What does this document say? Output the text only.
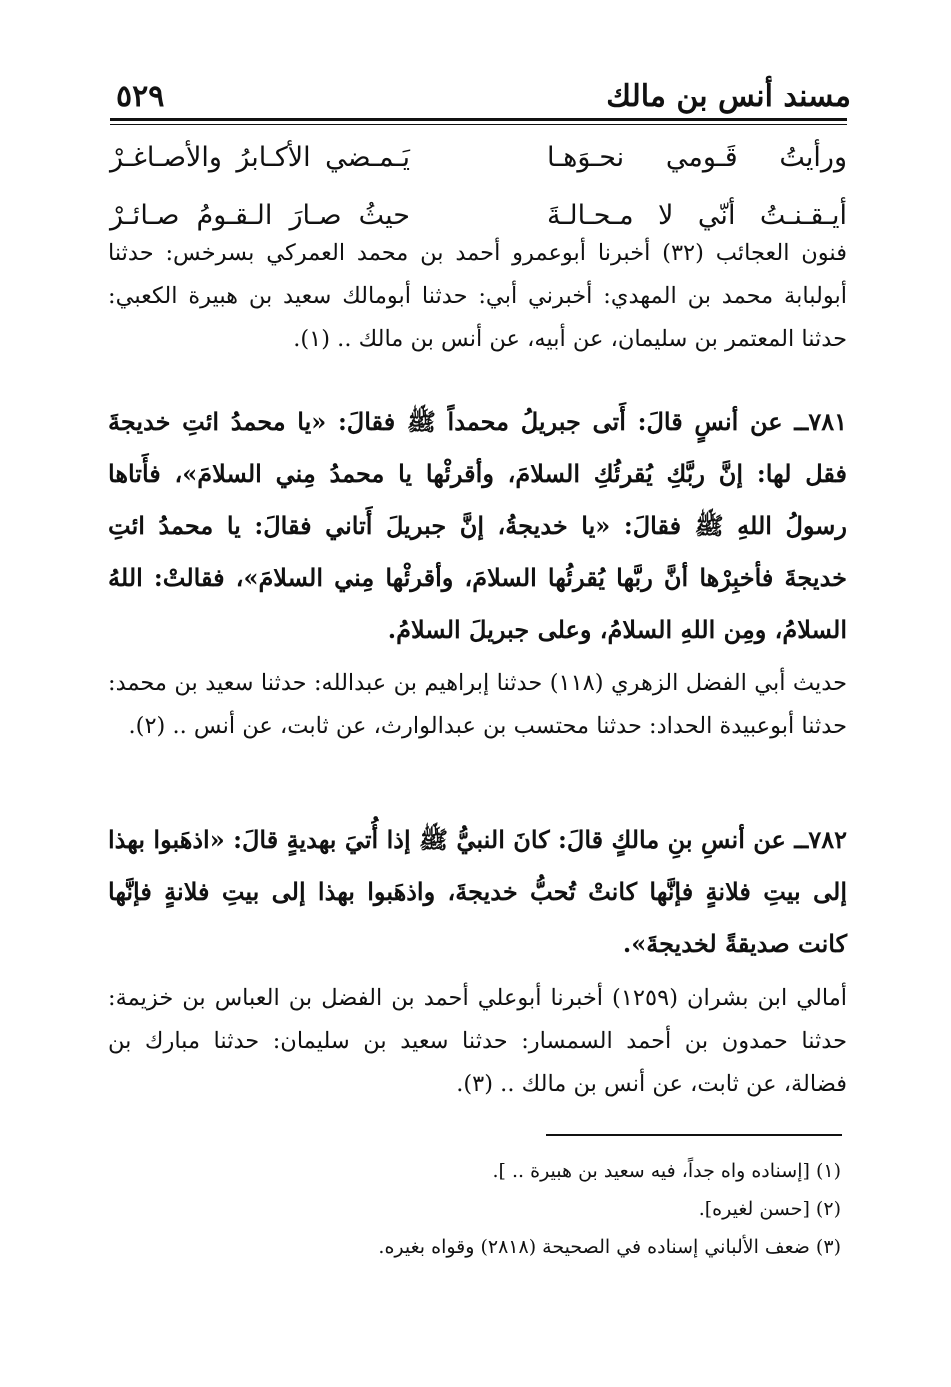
مسند أنس بن مالك
٥٢٩
ورأيتُ قَـومي نحـوَهـا
يَـمـضي الأكـابرُ والأصـاغـرْ
أيـقـنـتُ أنّي لا مـحـالـةَ
حيثُ صـارَ الـقـومُ صـائـرْ

فنون العجائب (٣٢) أخبرنا أبوعمرو أحمد بن محمد العمركي بسرخس: حدثنا أبولبابة محمد بن المهدي: أخبرني أبي: حدثنا أبومالك سعيد بن هبيرة الكعبي: حدثنا المعتمر بن سليمان، عن أبيه، عن أنس بن مالك .. (١).

٧٨١ــ عن أنسٍ قالَ: أَتى جبريلُ محمداً ﷺ فقالَ: «يا محمدُ ائتِ خديجةَ فقل لها: إنَّ ربَّكِ يُقرئُكِ السلامَ، وأقرئْها يا محمدُ مِني السلامَ»، فأَتاها رسولُ اللهِ ﷺ فقالَ: «يا خديجةُ، إنَّ جبريلَ أَتاني فقالَ: يا محمدُ ائتِ خديجةَ فأخبِرْها أنَّ ربَّها يُقرئُها السلامَ، وأقرئْها مِني السلامَ»، فقالتْ: اللهُ السلامُ، ومِن اللهِ السلامُ، وعلى جبريلَ السلامُ.

حديث أبي الفضل الزهري (١١٨) حدثنا إبراهيم بن عبدالله: حدثنا سعيد بن محمد: حدثنا أبوعبيدة الحداد: حدثنا محتسب بن عبدالوارث، عن ثابت، عن أنس .. (٢).

٧٨٢ــ عن أنسِ بنِ مالكٍ قالَ: كانَ النبيُّ ﷺ إذا أُتيَ بهديةٍ قالَ: «اذهَبوا بهذا إلى بيتِ فلانةٍ فإنَّها كانتْ تُحبُّ خديجةَ، واذهَبوا بهذا إلى بيتِ فلانةٍ فإنَّها كانت صديقةً لخديجةَ».

أمالي ابن بشران (١٢٥٩) أخبرنا أبوعلي أحمد بن الفضل بن العباس بن خزيمة: حدثنا حمدون بن أحمد السمسار: حدثنا سعيد بن سليمان: حدثنا مبارك بن فضالة، عن ثابت، عن أنس بن مالك .. (٣).

(١) [إسناده واه جداً، فيه سعيد بن هبيرة .. ].
(٢) [حسن لغيره].
(٣) ضعف الألباني إسناده في الصحيحة (٢٨١٨) وقواه بغيره.
